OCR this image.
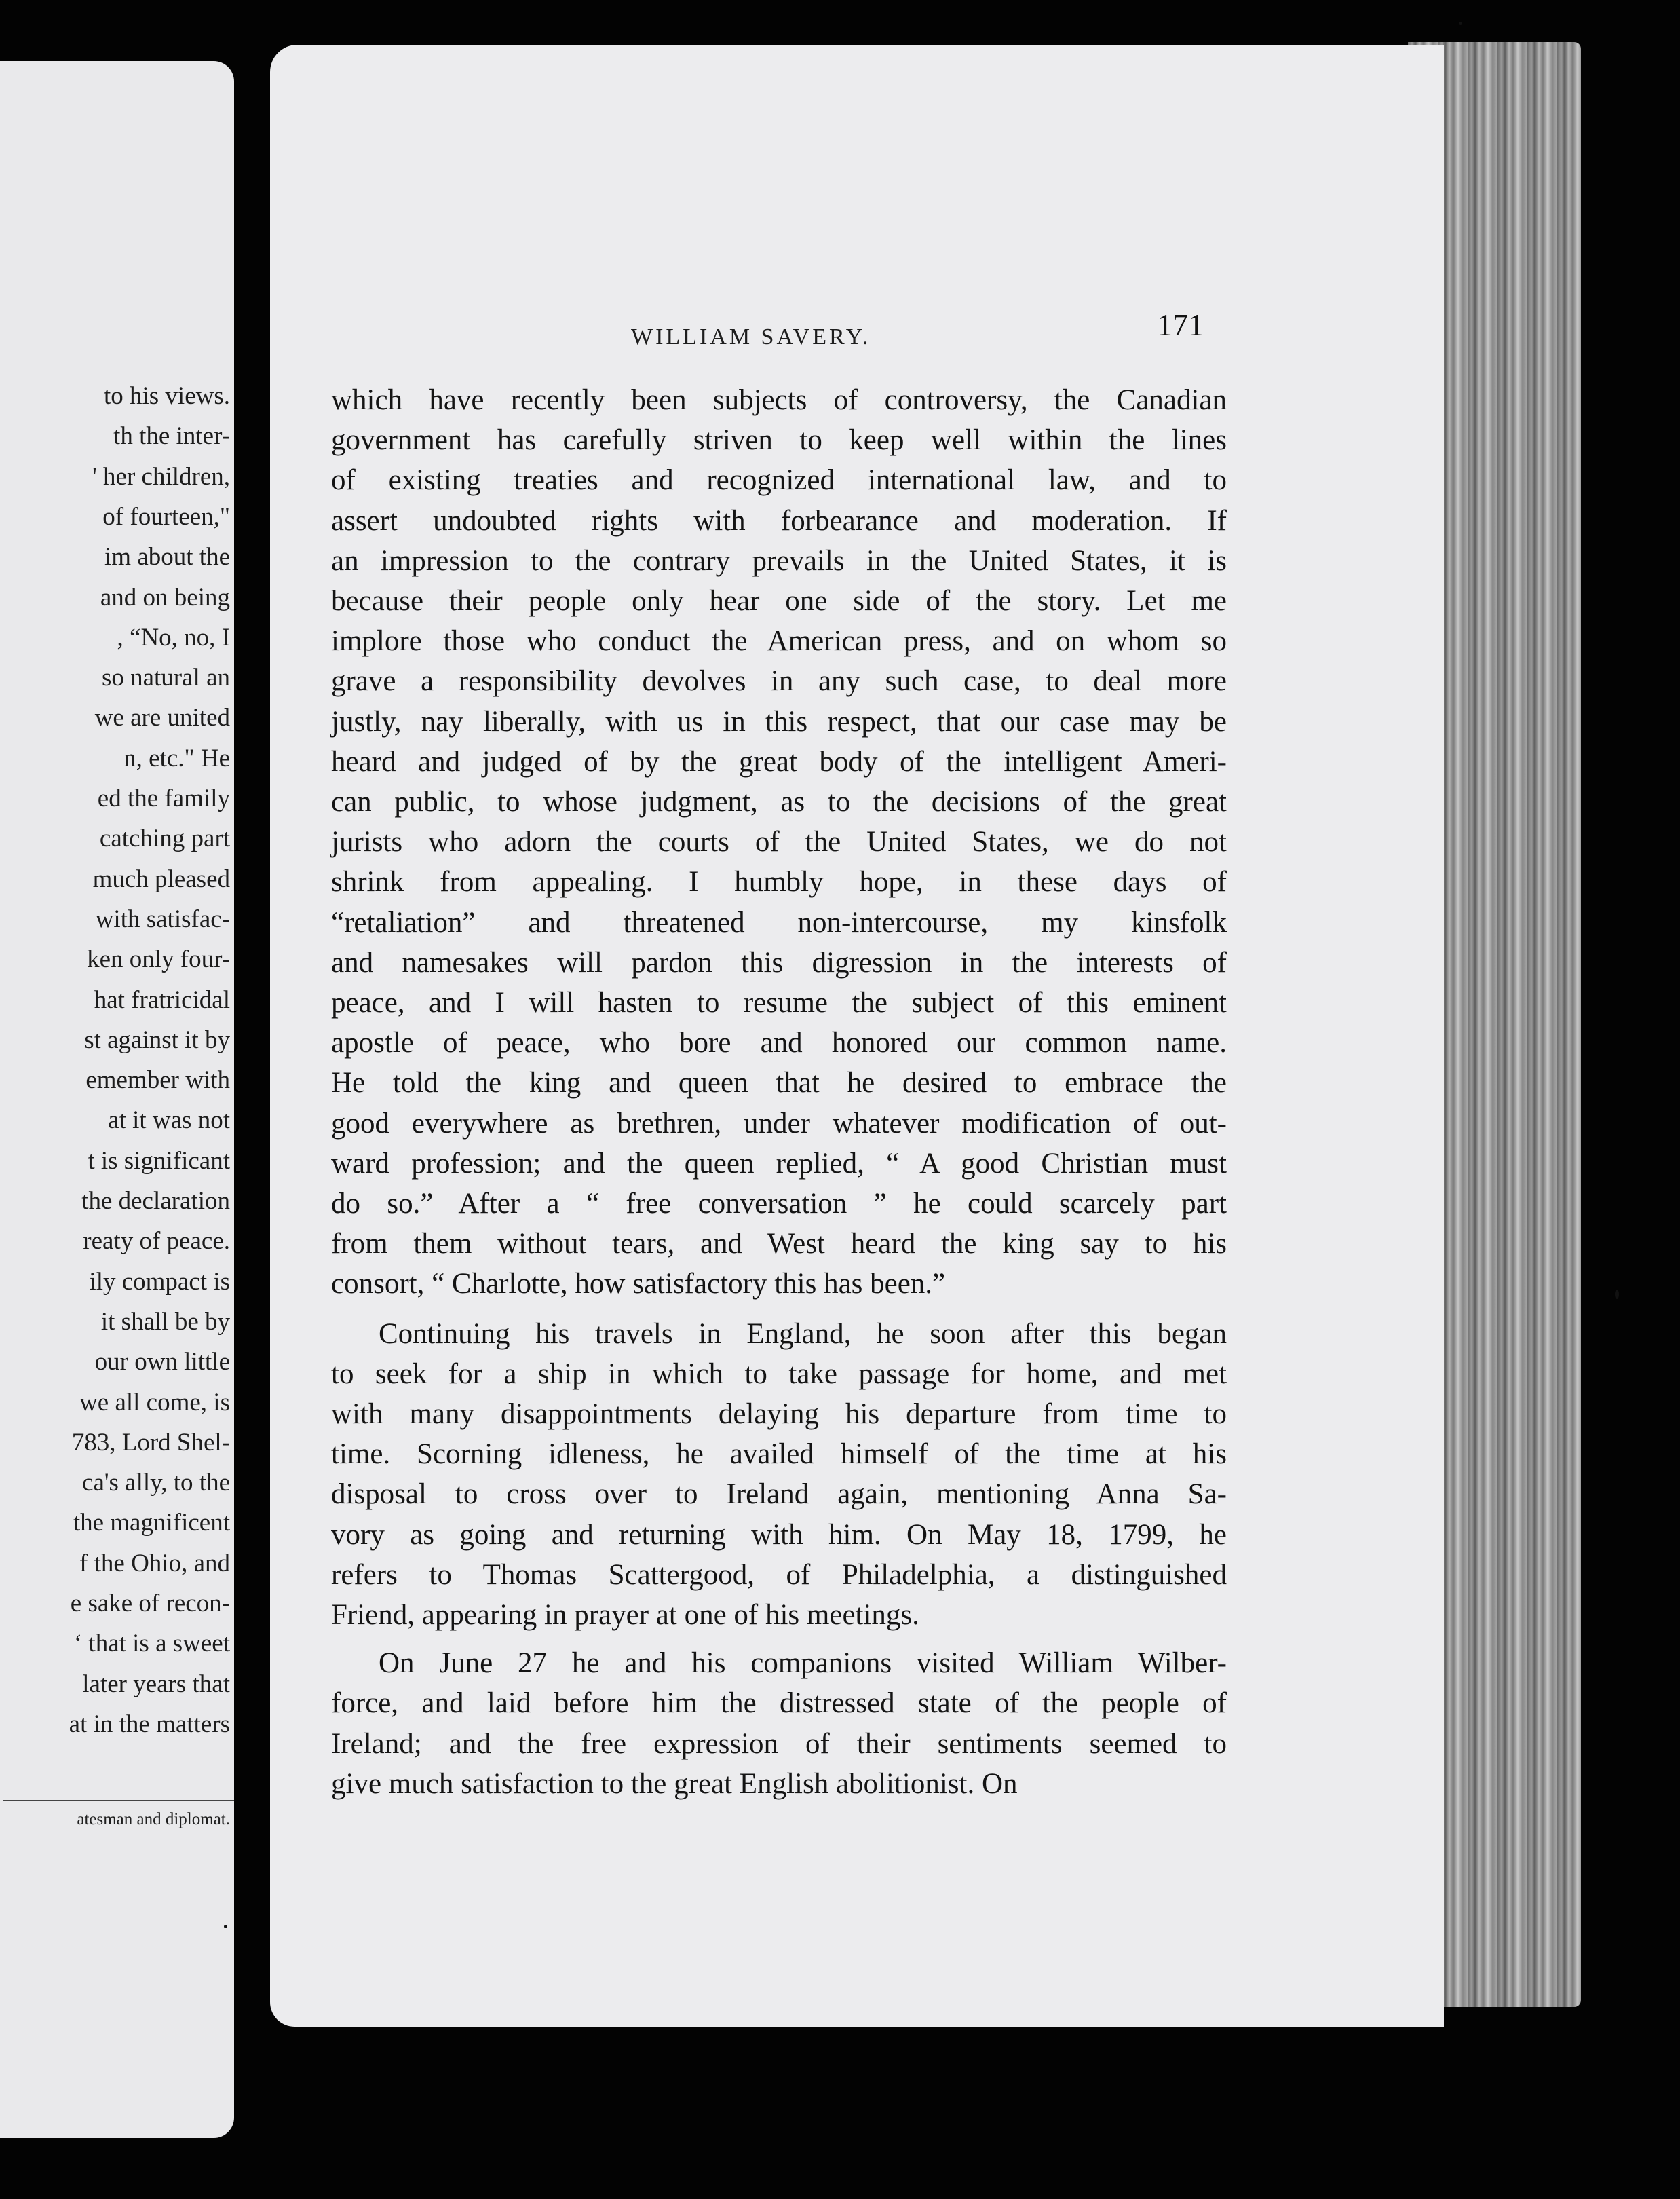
to his views.
th the inter-
' her children,
of fourteen,"
im about the
and on being
, “No, no, I
so natural an
we are united
n, etc." He
ed the family
catching part
much pleased
with satisfac-
ken only four-
hat fratricidal
st against it by
emember with
at it was not
t is significant
the declaration
reaty of peace.
ily compact is
it shall be by
our own little
we all come, is
783, Lord Shel-
ca's ally, to the
the magnificent
f the Ohio, and
e sake of recon-
‘ that is a sweet
later years that
at in the matters
atesman and diplomat.
WILLIAM SAVERY.	171
which have recently been subjects of controversy, the Canadian
government has carefully striven to keep well within the lines
of existing treaties and recognized international law, and to
assert undoubted rights with forbearance and moderation. If
an impression to the contrary prevails in the United States, it is
because their people only hear one side of the story. Let me
implore those who conduct the American press, and on whom so
grave a responsibility devolves in any such case, to deal more
justly, nay liberally, with us in this respect, that our case may be
heard and judged of by the great body of the intelligent Ameri-
can public, to whose judgment, as to the decisions of the great
jurists who adorn the courts of the United States, we do not
shrink from appealing. I humbly hope, in these days of
“retaliation” and threatened non-intercourse, my kinsfolk
and namesakes will pardon this digression in the interests of
peace, and I will hasten to resume the subject of this eminent
apostle of peace, who bore and honored our common name.
He told the king and queen that he desired to embrace the
good everywhere as brethren, under whatever modification of out-
ward profession; and the queen replied, “ A good Christian must
do so.” After a “ free conversation ” he could scarcely part
from them without tears, and West heard the king say to his
consort, “ Charlotte, how satisfactory this has been.”
Continuing his travels in England, he soon after this began
to seek for a ship in which to take passage for home, and met
with many disappointments delaying his departure from time to
time. Scorning idleness, he availed himself of the time at his
disposal to cross over to Ireland again, mentioning Anna Sa-
vory as going and returning with him. On May 18, 1799, he
refers to Thomas Scattergood, of Philadelphia, a distinguished
Friend, appearing in prayer at one of his meetings.
On June 27 he and his companions visited William Wilber-
force, and laid before him the distressed state of the people of
Ireland; and the free expression of their sentiments seemed to
give much satisfaction to the great English abolitionist. On
